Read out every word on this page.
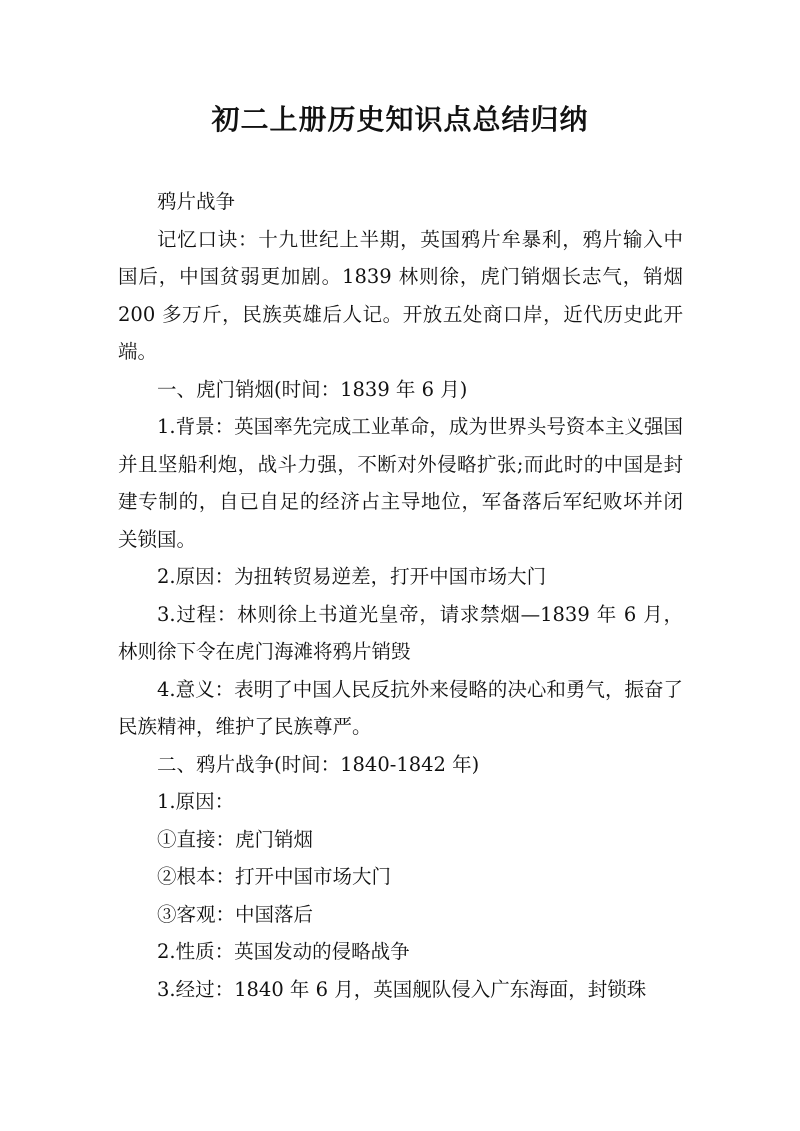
初二上册历史知识点总结归纳

鸦片战争

记忆口诀：十九世纪上半期，英国鸦片牟暴利，鸦片输入中国后，中国贫弱更加剧。1839 林则徐，虎门销烟长志气，销烟 200 多万斤，民族英雄后人记。开放五处商口岸，近代历史此开端。

一、虎门销烟(时间：1839 年 6 月)

1.背景：英国率先完成工业革命，成为世界头号资本主义强国并且坚船利炮，战斗力强，不断对外侵略扩张;而此时的中国是封建专制的，自已自足的经济占主导地位，军备落后军纪败坏并闭关锁国。

2.原因：为扭转贸易逆差，打开中国市场大门

3.过程：林则徐上书道光皇帝，请求禁烟—1839 年 6 月，林则徐下令在虎门海滩将鸦片销毁

4.意义：表明了中国人民反抗外来侵略的决心和勇气，振奋了民族精神，维护了民族尊严。

二、鸦片战争(时间：1840-1842 年)

1.原因：

①直接：虎门销烟

②根本：打开中国市场大门

③客观：中国落后

2.性质：英国发动的侵略战争

3.经过：1840 年 6 月，英国舰队侵入广东海面，封锁珠
